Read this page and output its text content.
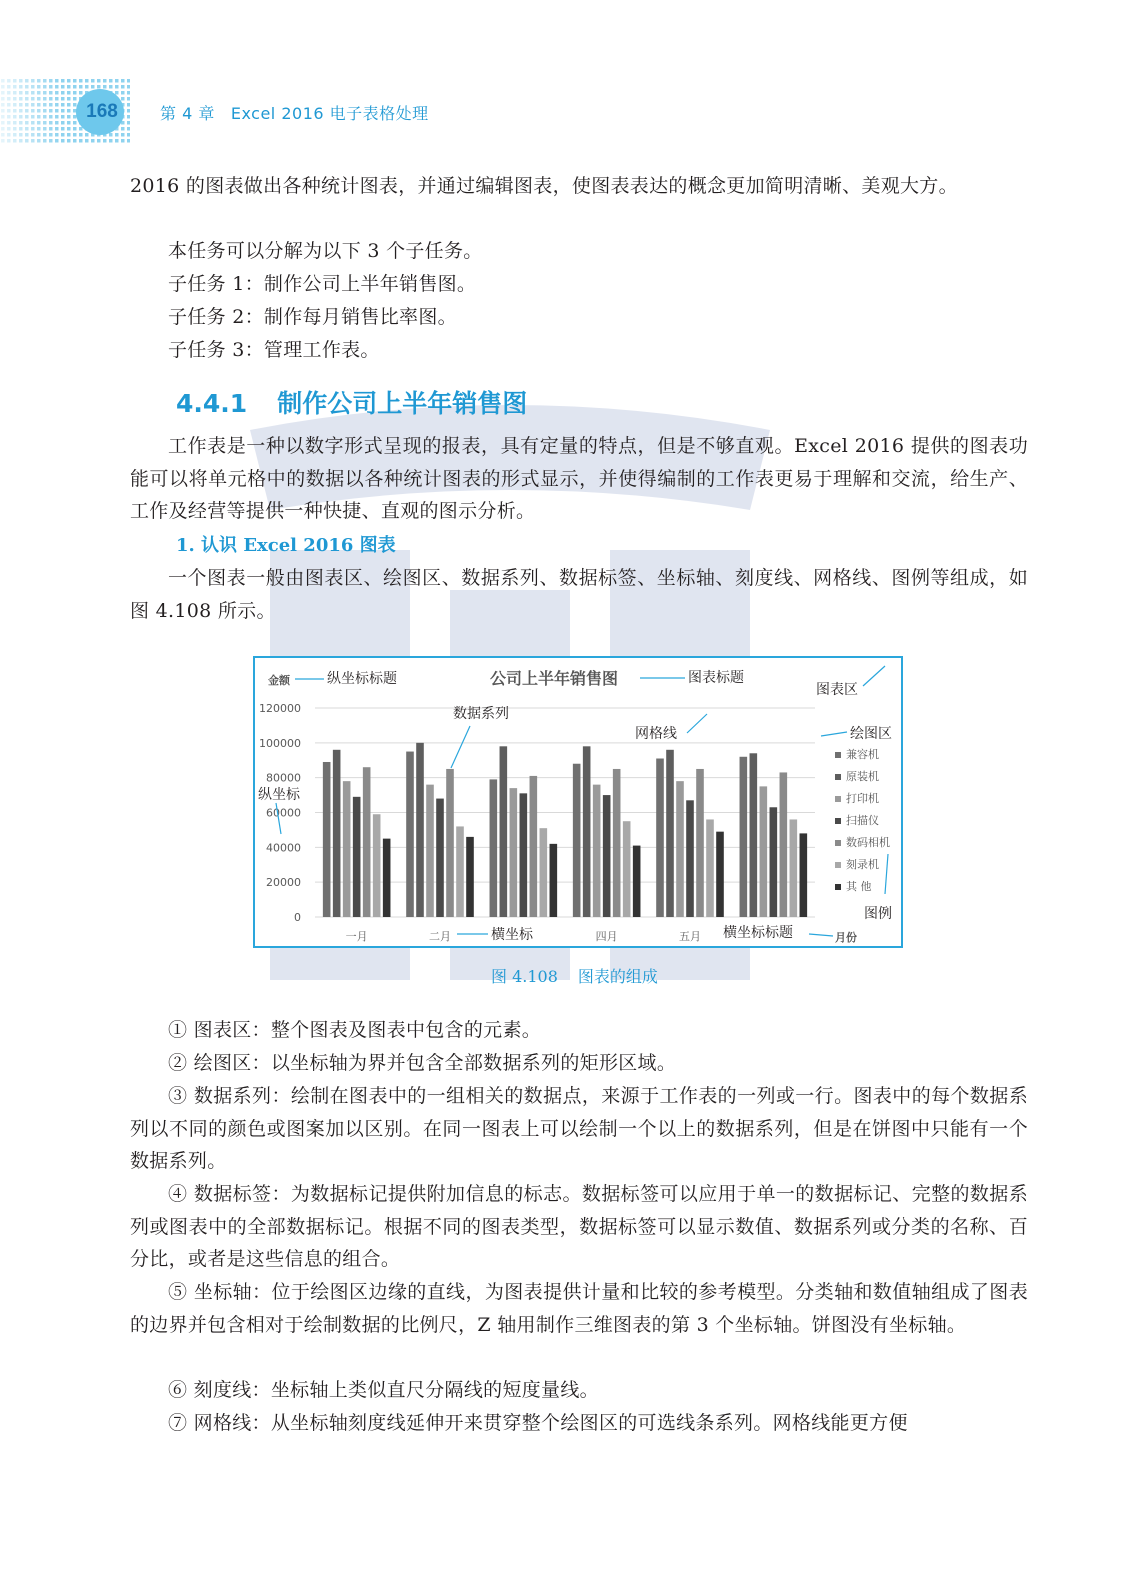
168	第 4 章 Excel 2016 电子表格处理
2016 的图表做出各种统计图表，并通过编辑图表，使图表表达的概念更加简明清晰、美观大方。
本任务可以分解为以下 3 个子任务。
子任务 1：制作公司上半年销售图。
子任务 2：制作每月销售比率图。
子任务 3：管理工作表。
4.4.1 制作公司上半年销售图
工作表是一种以数字形式呈现的报表，具有定量的特点，但是不够直观。Excel 2016 提供的图表功能可以将单元格中的数据以各种统计图表的形式显示，并使得编制的工作表更易于理解和交流，给生产、工作及经营等提供一种快捷、直观的图示分析。
1. 认识 Excel 2016 图表
一个图表一般由图表区、绘图区、数据系列、数据标签、坐标轴、刻度线、网格线、图例等组成，如图 4.108 所示。
公司上半年销售图
金额
月份
0
20000
40000
60000
80000
100000
120000
一月	二月	四月	五月
兼容机
原装机
打印机
扫描仪
数码相机
刻录机
其 他
纵坐标标题	图表标题
图表区
数据系列
网格线	绘图区
纵坐标
横坐标	横坐标标题
图例
图 4.108 图表的组成
① 图表区：整个图表及图表中包含的元素。
② 绘图区：以坐标轴为界并包含全部数据系列的矩形区域。
③ 数据系列：绘制在图表中的一组相关的数据点，来源于工作表的一列或一行。图表中的每个数据系列以不同的颜色或图案加以区别。在同一图表上可以绘制一个以上的数据系列，但是在饼图中只能有一个数据系列。
④ 数据标签：为数据标记提供附加信息的标志。数据标签可以应用于单一的数据标记、完整的数据系列或图表中的全部数据标记。根据不同的图表类型，数据标签可以显示数值、数据系列或分类的名称、百分比，或者是这些信息的组合。
⑤ 坐标轴：位于绘图区边缘的直线，为图表提供计量和比较的参考模型。分类轴和数值轴组成了图表的边界并包含相对于绘制数据的比例尺，Z 轴用制作三维图表的第 3 个坐标轴。饼图没有坐标轴。
⑥ 刻度线：坐标轴上类似直尺分隔线的短度量线。
⑦ 网格线：从坐标轴刻度线延伸开来贯穿整个绘图区的可选线条系列。网格线能更方便
